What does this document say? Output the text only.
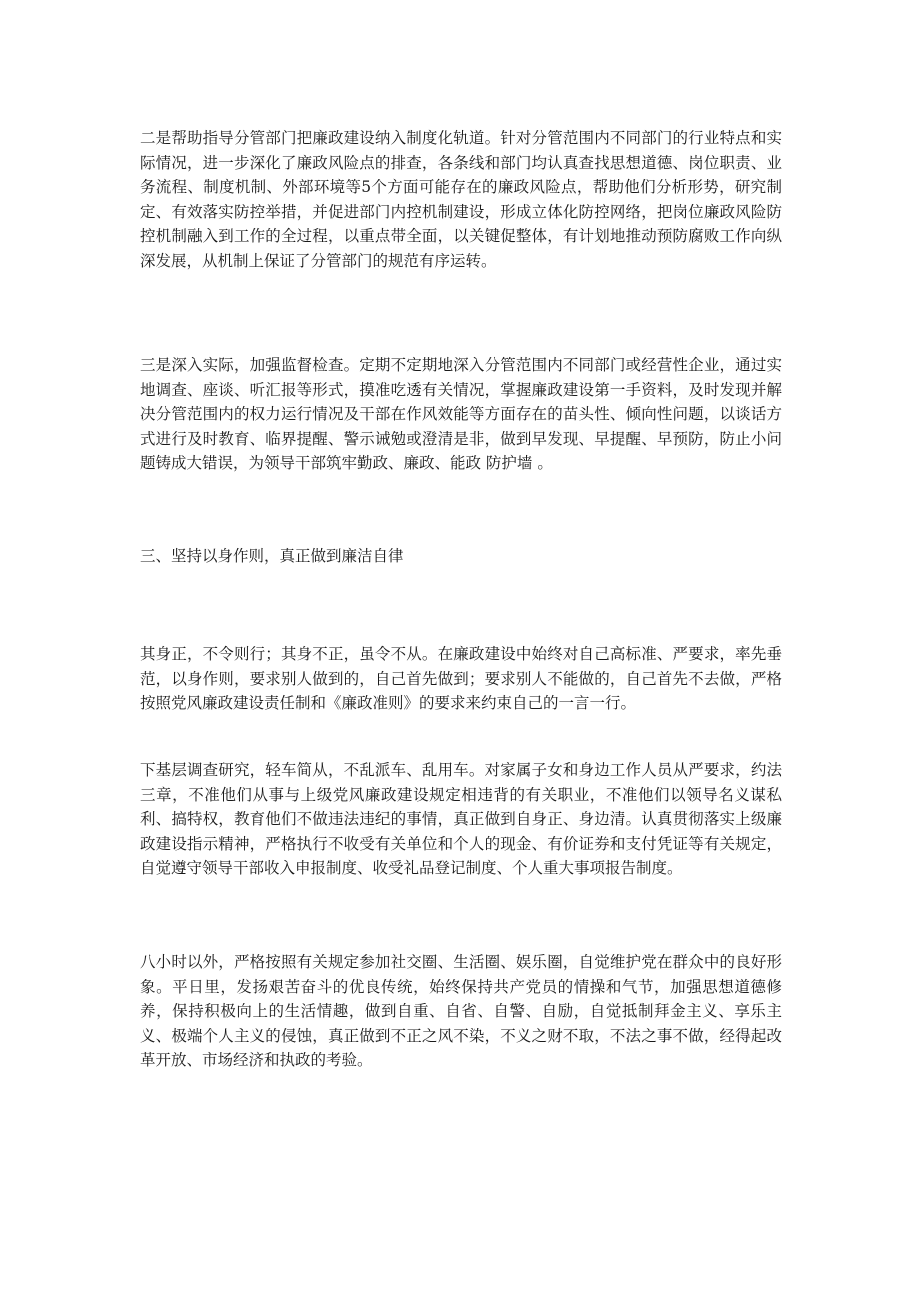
二是帮助指导分管部门把廉政建设纳入制度化轨道。针对分管范围内不同部门的行业特点和实际情况，进一步深化了廉政风险点的排查，各条线和部门均认真查找思想道德、岗位职责、业务流程、制度机制、外部环境等5个方面可能存在的廉政风险点，帮助他们分析形势，研究制定、有效落实防控举措，并促进部门内控机制建设，形成立体化防控网络，把岗位廉政风险防控机制融入到工作的全过程，以重点带全面，以关键促整体，有计划地推动预防腐败工作向纵深发展，从机制上保证了分管部门的规范有序运转。

三是深入实际，加强监督检查。定期不定期地深入分管范围内不同部门或经营性企业，通过实地调查、座谈、听汇报等形式，摸准吃透有关情况，掌握廉政建设第一手资料，及时发现并解决分管范围内的权力运行情况及干部在作风效能等方面存在的苗头性、倾向性问题，以谈话方式进行及时教育、临界提醒、警示诫勉或澄清是非，做到早发现、早提醒、早预防，防止小问题铸成大错误，为领导干部筑牢勤政、廉政、能政 防护墙 。

三、坚持以身作则，真正做到廉洁自律

其身正，不令则行；其身不正，虽令不从。在廉政建设中始终对自己高标准、严要求，率先垂范，以身作则，要求别人做到的，自己首先做到；要求别人不能做的，自己首先不去做，严格按照党风廉政建设责任制和《廉政准则》的要求来约束自己的一言一行。

下基层调查研究，轻车简从，不乱派车、乱用车。对家属子女和身边工作人员从严要求，约法三章，不准他们从事与上级党风廉政建设规定相违背的有关职业，不准他们以领导名义谋私利、搞特权，教育他们不做违法违纪的事情，真正做到自身正、身边清。认真贯彻落实上级廉政建设指示精神，严格执行不收受有关单位和个人的现金、有价证券和支付凭证等有关规定，自觉遵守领导干部收入申报制度、收受礼品登记制度、个人重大事项报告制度。

八小时以外，严格按照有关规定参加社交圈、生活圈、娱乐圈，自觉维护党在群众中的良好形象。平日里，发扬艰苦奋斗的优良传统，始终保持共产党员的情操和气节，加强思想道德修养，保持积极向上的生活情趣，做到自重、自省、自警、自励，自觉抵制拜金主义、享乐主义、极端个人主义的侵蚀，真正做到不正之风不染，不义之财不取，不法之事不做，经得起改革开放、市场经济和执政的考验。
